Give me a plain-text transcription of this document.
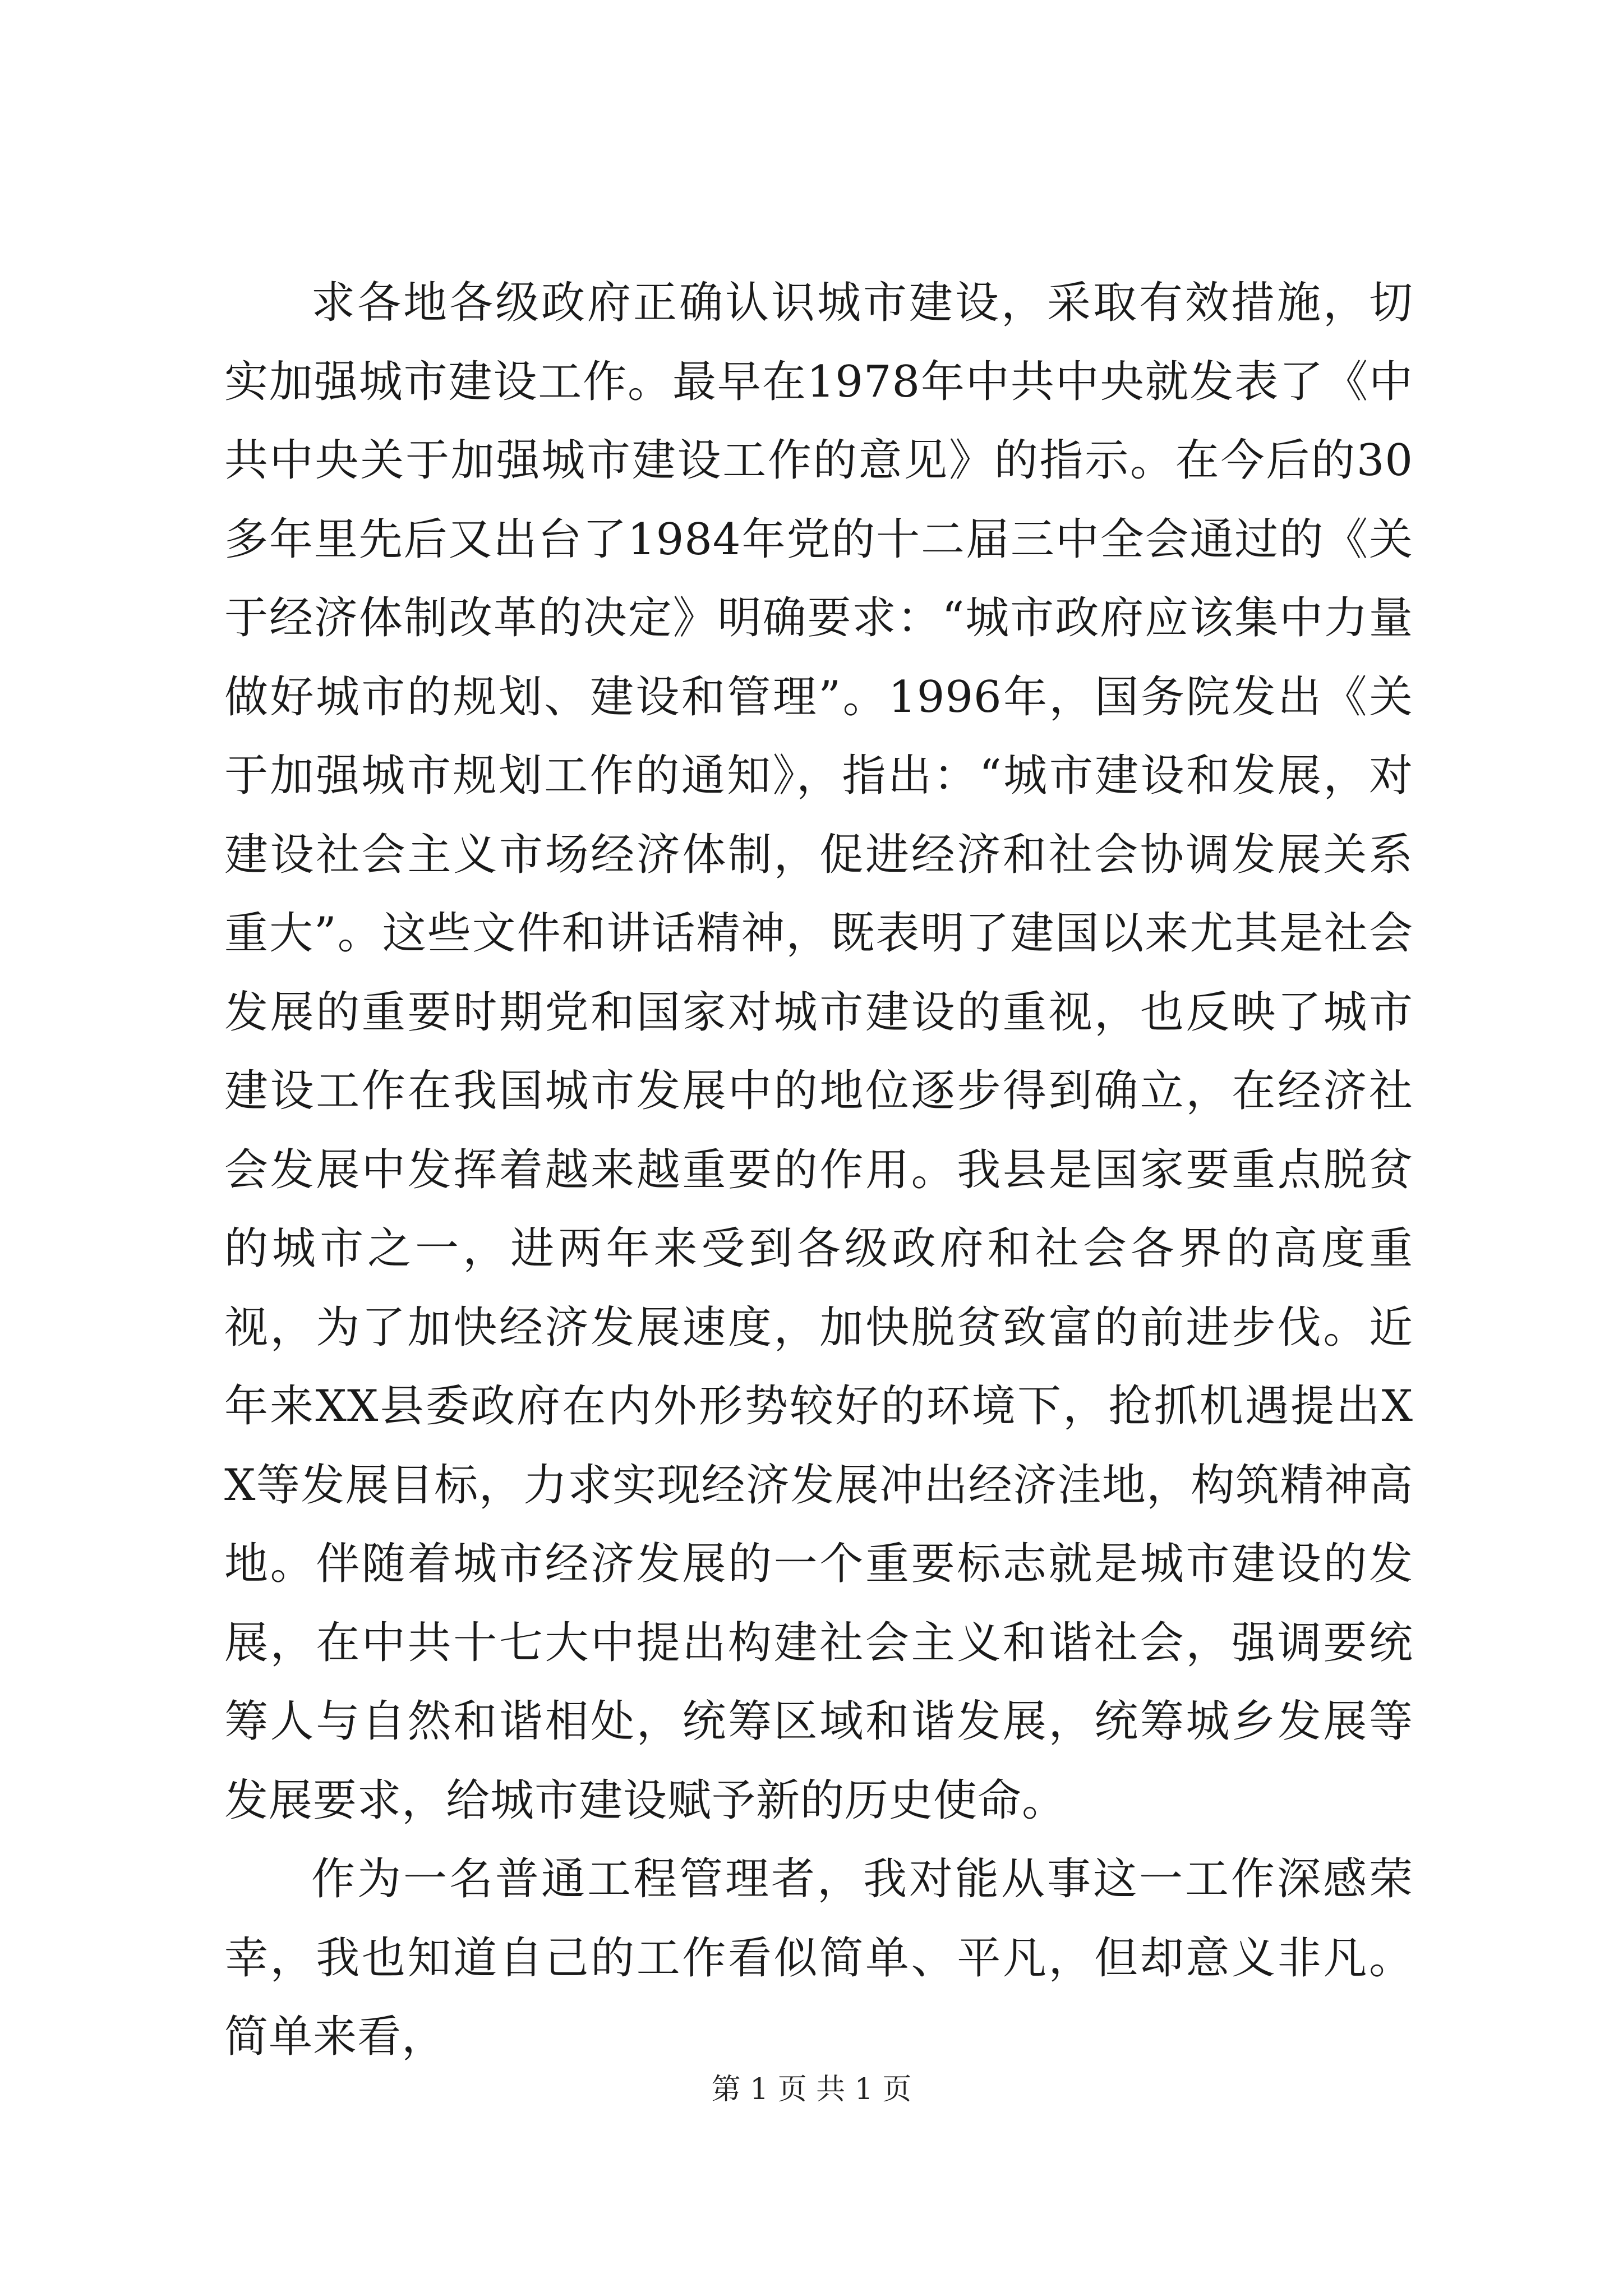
求各地各级政府正确认识城市建设，采取有效措施，切实加强城市建设工作。最早在1978年中共中央就发表了《中共中央关于加强城市建设工作的意见》的指示。在今后的30多年里先后又出台了1984年党的十二届三中全会通过的《关于经济体制改革的决定》明确要求：“城市政府应该集中力量做好城市的规划、建设和管理”。1996年，国务院发出《关于加强城市规划工作的通知》，指出：“城市建设和发展，对建设社会主义市场经济体制，促进经济和社会协调发展关系重大”。这些文件和讲话精神，既表明了建国以来尤其是社会发展的重要时期党和国家对城市建设的重视，也反映了城市建设工作在我国城市发展中的地位逐步得到确立，在经济社会发展中发挥着越来越重要的作用。我县是国家要重点脱贫的城市之一，进两年来受到各级政府和社会各界的高度重视，为了加快经济发展速度，加快脱贫致富的前进步伐。近年来XX县委政府在内外形势较好的环境下，抢抓机遇提出XX等发展目标，力求实现经济发展冲出经济洼地，构筑精神高地。伴随着城市经济发展的一个重要标志就是城市建设的发展，在中共十七大中提出构建社会主义和谐社会，强调要统筹人与自然和谐相处，统筹区域和谐发展，统筹城乡发展等发展要求，给城市建设赋予新的历史使命。

作为一名普通工程管理者，我对能从事这一工作深感荣幸，我也知道自己的工作看似简单、平凡，但却意义非凡。简单来看，

第 1 页 共 1 页
